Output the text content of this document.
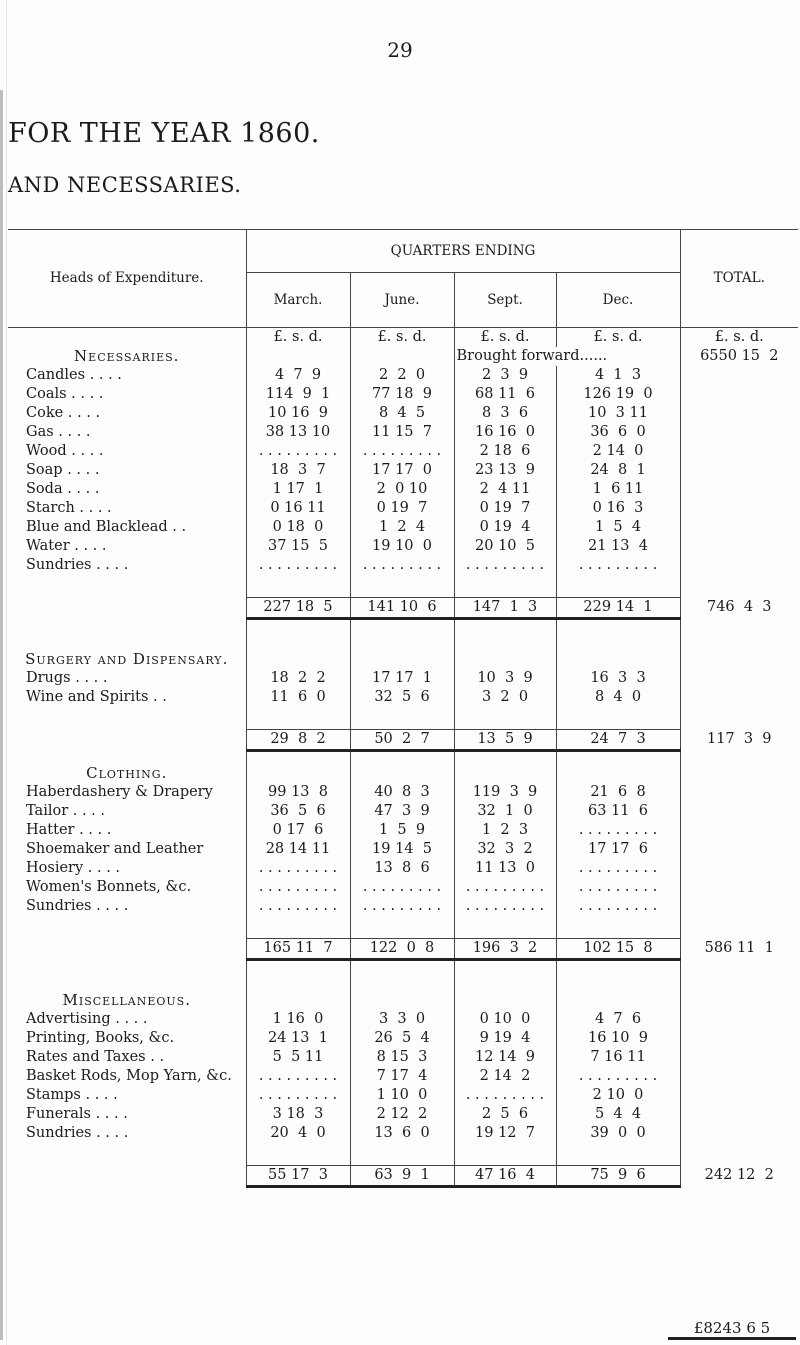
29
FOR THE YEAR 1860.
AND NECESSARIES.
Heads of Expenditure.	QUARTERS ENDING				TOTAL.
	March.	June.	Sept.	Dec.	
	£. s. d.	£. s. d.	£. s. d.	£. s. d.	£. s. d.
Necessaries.			Brought forward......		6550 15  2
Candles . . . .	4  7  9	2  2  0	2  3  9	4  1  3	
Coals . . . .	114  9  1	77 18  9	68 11  6	126 19  0	
Coke . . . .	10 16  9	8  4  5	8  3  6	10  3 11	
Gas . . . .	38 13 10	11 15  7	16 16  0	36  6  0	
Wood . . . .	. . . . . . . . .	. . . . . . . . .	2 18  6	2 14  0	
Soap . . . .	18  3  7	17 17  0	23 13  9	24  8  1	
Soda . . . .	1 17  1	2  0 10	2  4 11	1  6 11	
Starch . . . .	0 16 11	0 19  7	0 19  7	0 16  3	
Blue and Blacklead . .	0 18  0	1  2  4	0 19  4	1  5  4	
Water . . . .	37 15  5	19 10  0	20 10  5	21 13  4	
Sundries . . . .	. . . . . . . . .	. . . . . . . . .	. . . . . . . . .	. . . . . . . . .	

	227 18  5	141 10  6	147  1  3	229 14  1	746  4  3

Surgery and Dispensary.					
Drugs . . . .	18  2  2	17 17  1	10  3  9	16  3  3	
Wine and Spirits . .	11  6  0	32  5  6	3  2  0	8  4  0	

	29  8  2	50  2  7	13  5  9	24  7  3	117  3  9

Clothing.					
Haberdashery & Drapery	99 13  8	40  8  3	119  3  9	21  6  8	
Tailor . . . .	36  5  6	47  3  9	32  1  0	63 11  6	
Hatter . . . .	0 17  6	1  5  9	1  2  3	. . . . . . . . .	
Shoemaker and Leather	28 14 11	19 14  5	32  3  2	17 17  6	
Hosiery . . . .	. . . . . . . . .	13  8  6	11 13  0	. . . . . . . . .	
Women's Bonnets, &c.	. . . . . . . . .	. . . . . . . . .	. . . . . . . . .	. . . . . . . . .	
Sundries . . . .	. . . . . . . . .	. . . . . . . . .	. . . . . . . . .	. . . . . . . . .	

	165 11  7	122  0  8	196  3  2	102 15  8	586 11  1

Miscellaneous.					
Advertising . . . .	1 16  0	3  3  0	0 10  0	4  7  6	
Printing, Books, &c.	24 13  1	26  5  4	9 19  4	16 10  9	
Rates and Taxes . .	5  5 11	8 15  3	12 14  9	7 16 11	
Basket Rods, Mop Yarn, &c.	. . . . . . . . .	7 17  4	2 14  2	. . . . . . . . .	
Stamps . . . .	. . . . . . . . .	1 10  0	. . . . . . . . .	2 10  0	
Funerals . . . .	3 18  3	2 12  2	2  5  6	5  4  4	
Sundries . . . .	20  4  0	13  6  0	19 12  7	39  0  0	

	55 17  3	63  9  1	47 16  4	75  9  6	242 12  2
£8243 6 5
